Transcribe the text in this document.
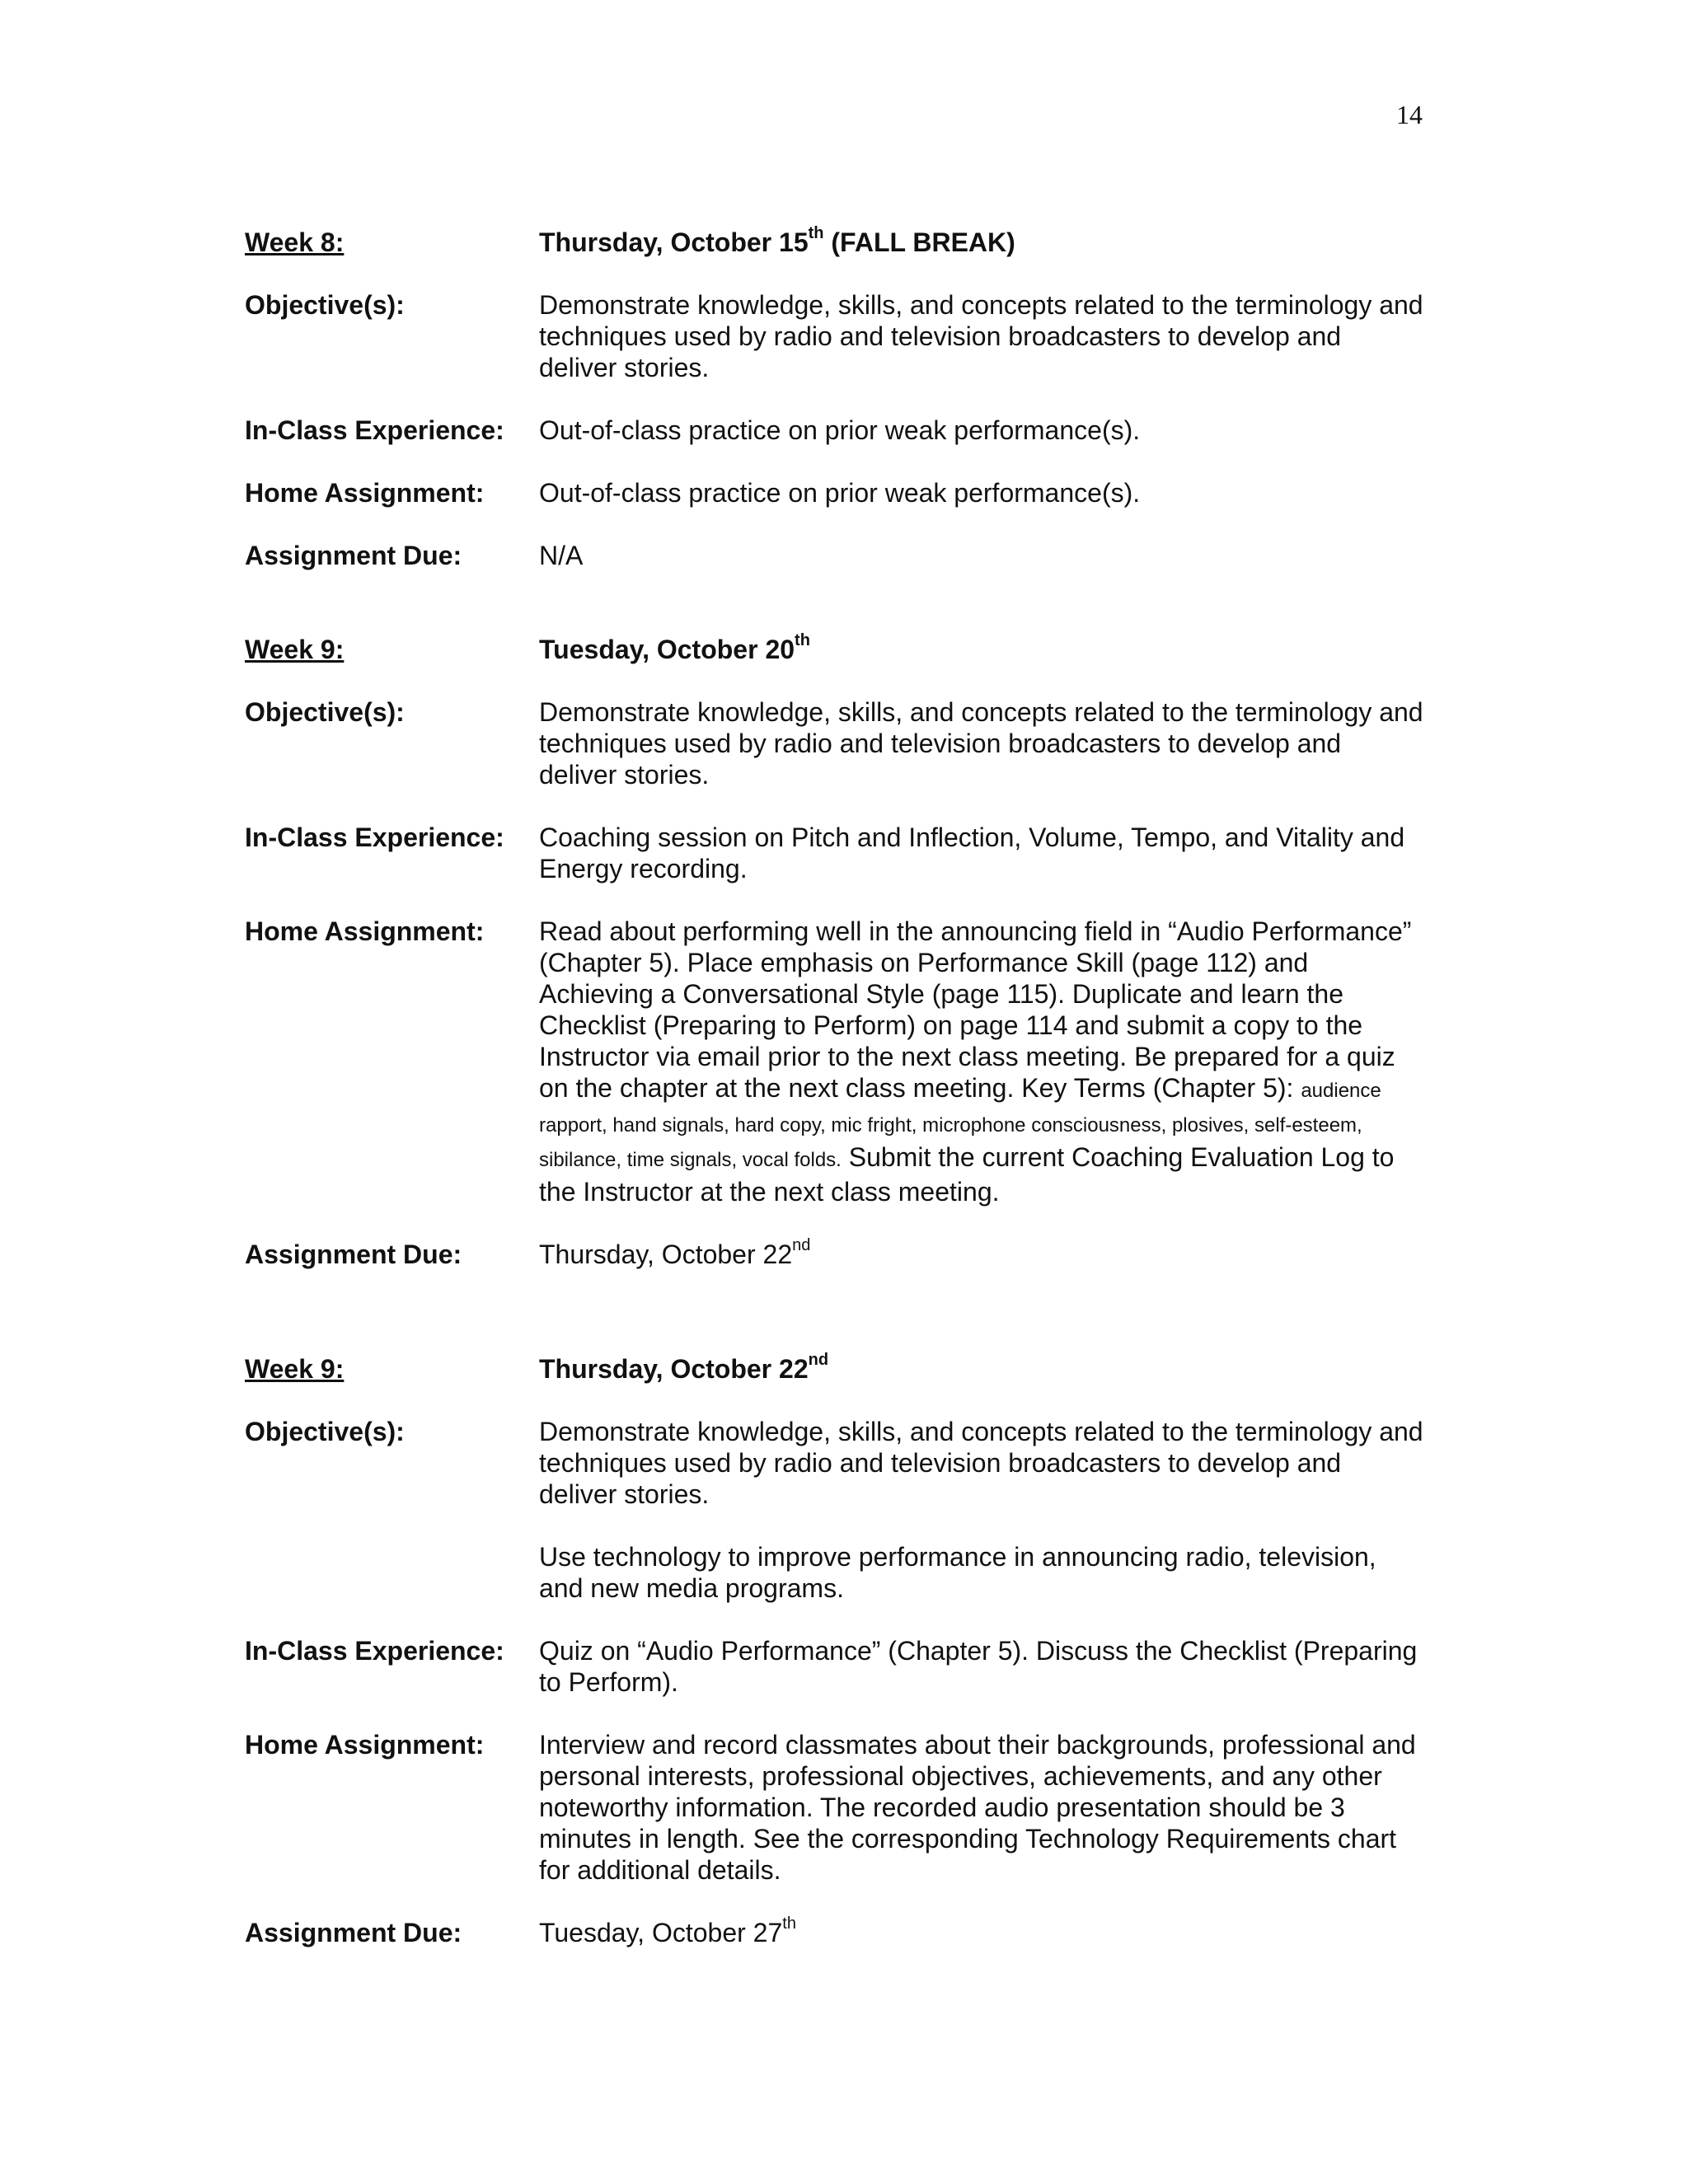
14
Week 8:	Thursday, October 15th (FALL BREAK)
Objective(s):	Demonstrate knowledge, skills, and concepts related to the terminology and techniques used by radio and television broadcasters to develop and deliver stories.
In-Class Experience:	Out-of-class practice on prior weak performance(s).
Home Assignment:	Out-of-class practice on prior weak performance(s).
Assignment Due:	N/A
Week 9:	Tuesday, October 20th
Objective(s):	Demonstrate knowledge, skills, and concepts related to the terminology and techniques used by radio and television broadcasters to develop and deliver stories.
In-Class Experience:	Coaching session on Pitch and Inflection, Volume, Tempo, and Vitality and Energy recording.
Home Assignment:	Read about performing well in the announcing field in “Audio Performance” (Chapter 5). Place emphasis on Performance Skill (page 112) and Achieving a Conversational Style (page 115). Duplicate and learn the Checklist (Preparing to Perform) on page 114 and submit a copy to the Instructor via email prior to the next class meeting. Be prepared for a quiz on the chapter at the next class meeting. Key Terms (Chapter 5): audience rapport, hand signals, hard copy, mic fright, microphone consciousness, plosives, self-esteem, sibilance, time signals, vocal folds. Submit the current Coaching Evaluation Log to the Instructor at the next class meeting.
Assignment Due:	Thursday, October 22nd
Week 9:	Thursday, October 22nd
Objective(s):	Demonstrate knowledge, skills, and concepts related to the terminology and techniques used by radio and television broadcasters to develop and deliver stories.
Use technology to improve performance in announcing radio, television, and new media programs.
In-Class Experience:	Quiz on “Audio Performance” (Chapter 5). Discuss the Checklist (Preparing to Perform).
Home Assignment:	Interview and record classmates about their backgrounds, professional and personal interests, professional objectives, achievements, and any other noteworthy information. The recorded audio presentation should be 3 minutes in length. See the corresponding Technology Requirements chart for additional details.
Assignment Due:	Tuesday, October 27th
